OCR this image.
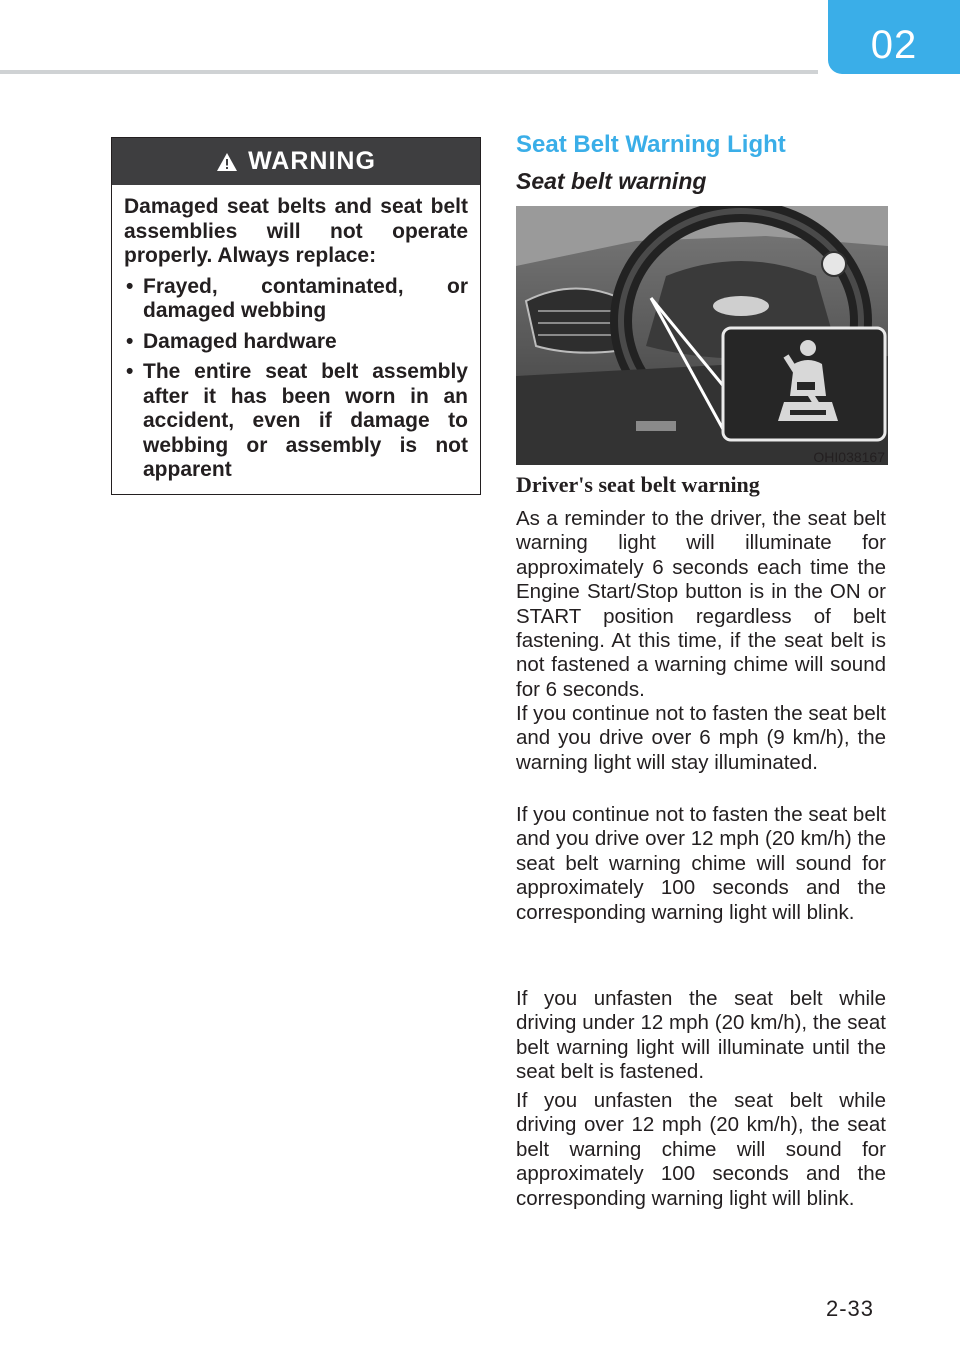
02
WARNING

Damaged seat belts and seat belt assemblies will not operate properly. Always replace:

• Frayed, contaminated, or damaged webbing
• Damaged hardware
• The entire seat belt assembly after it has been worn in an accident, even if damage to webbing or assembly is not apparent
Seat Belt Warning Light
Seat belt warning
OHI038167
Driver's seat belt warning

As a reminder to the driver, the seat belt warning light will illuminate for approximately 6 seconds each time the Engine Start/Stop button is in the ON or START position regardless of belt fastening. At this time, if the seat belt is not fastened a warning chime will sound for 6 seconds.

If you continue not to fasten the seat belt and you drive over 6 mph (9 km/h), the warning light will stay illuminated.

If you continue not to fasten the seat belt and you drive over 12 mph (20 km/h) the seat belt warning chime will sound for approximately 100 seconds and the corresponding warning light will blink.

If you unfasten the seat belt while driving under 12 mph (20 km/h), the seat belt warning light will illuminate until the seat belt is fastened.

If you unfasten the seat belt while driving over 12 mph (20 km/h), the seat belt warning chime will sound for approximately 100 seconds and the corresponding warning light will blink.

2-33
